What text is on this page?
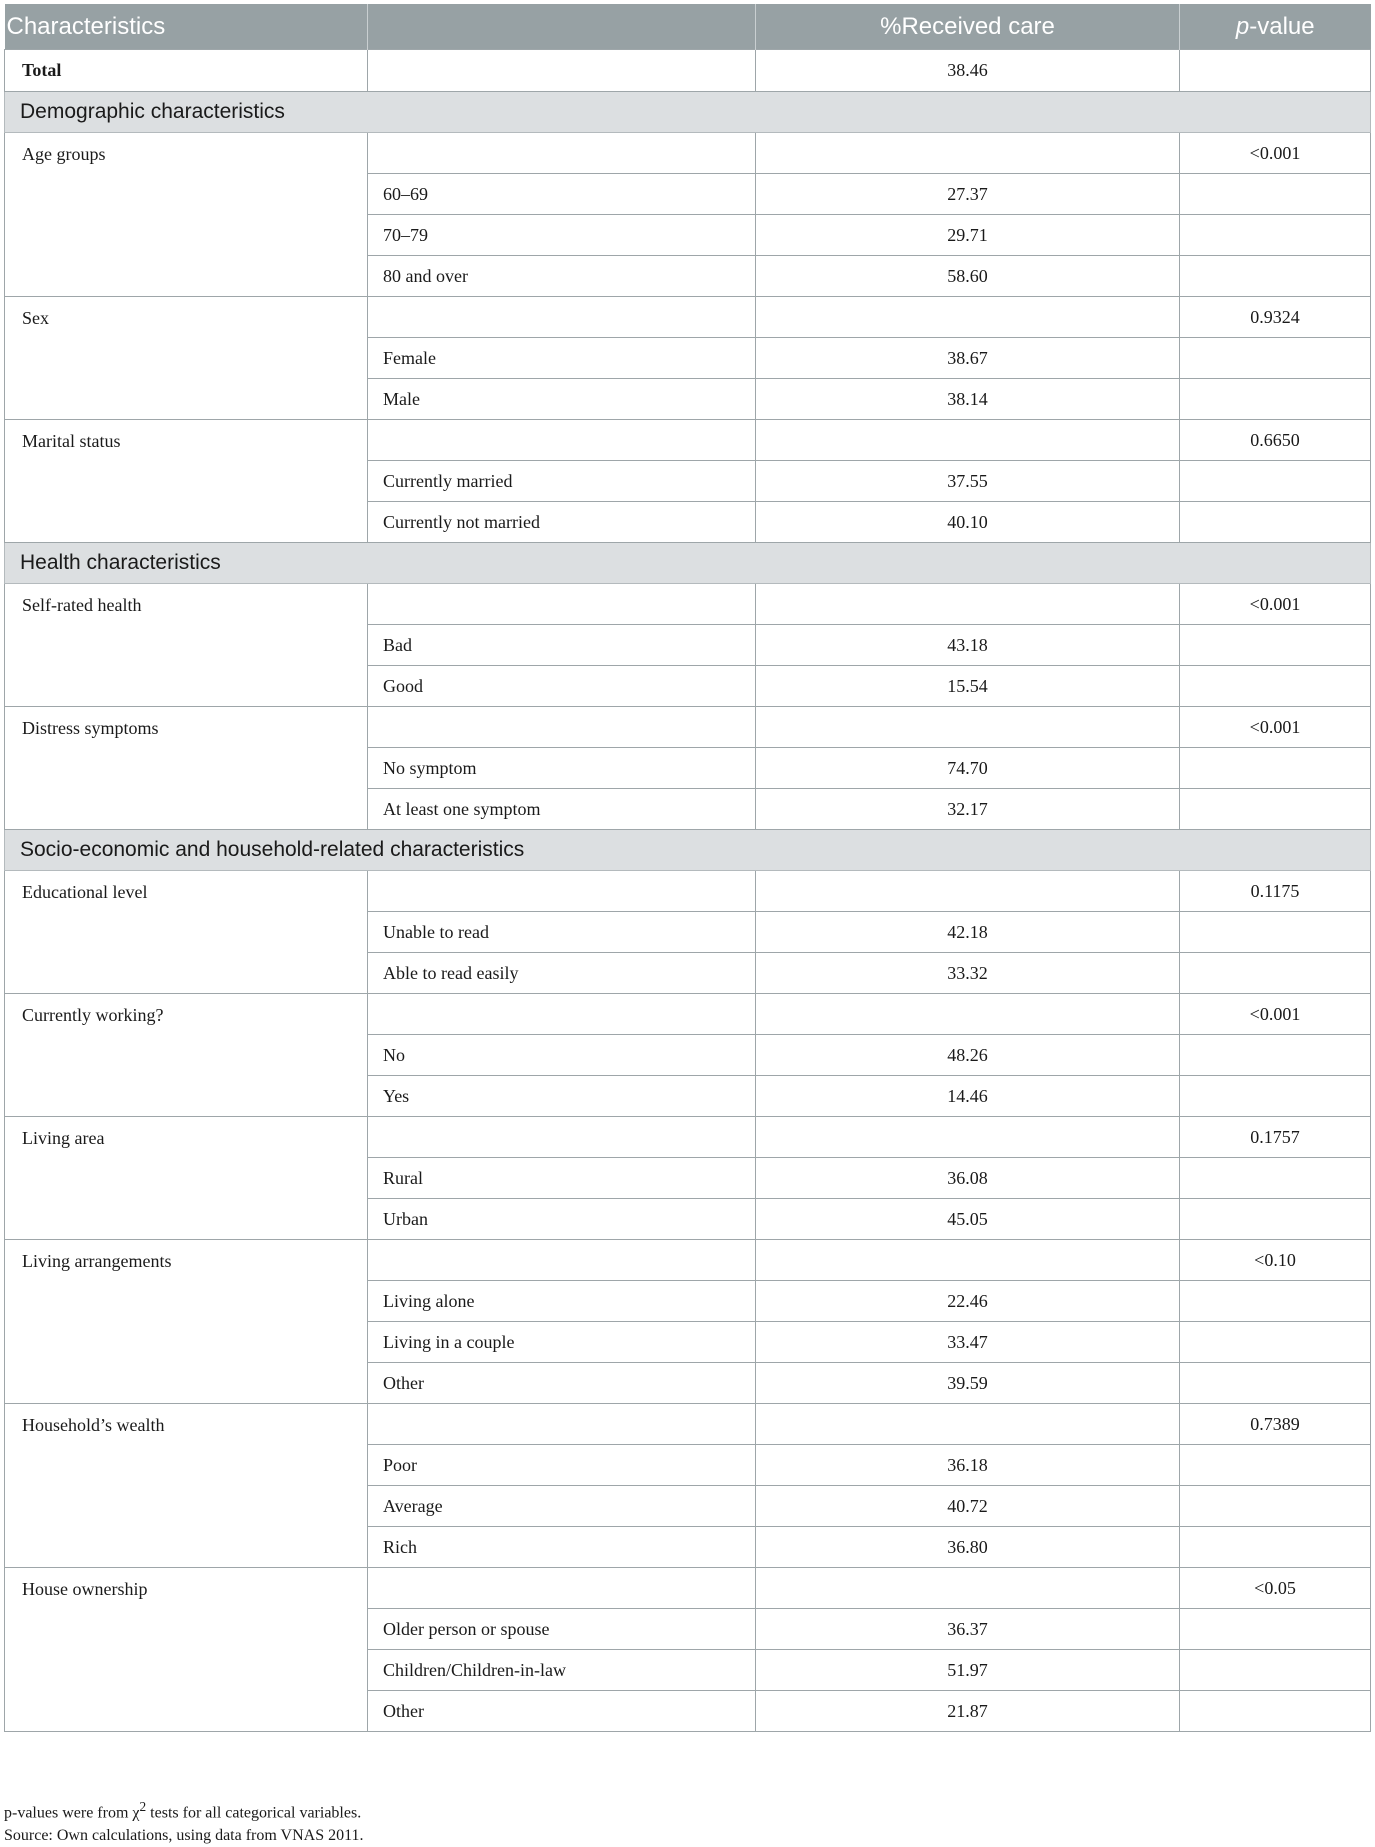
Characteristics		%Received care	p-value
Total		38.46	
Demographic characteristics			
Age groups			<0.001
	60–69	27.37	
	70–79	29.71	
	80 and over	58.60	
Sex			0.9324
	Female	38.67	
	Male	38.14	
Marital status			0.6650
	Currently married	37.55	
	Currently not married	40.10	
Health characteristics			
Self-rated health			<0.001
	Bad	43.18	
	Good	15.54	
Distress symptoms			<0.001
	No symptom	74.70	
	At least one symptom	32.17	
Socio-economic and household-related characteristics			
Educational level			0.1175
	Unable to read	42.18	
	Able to read easily	33.32	
Currently working?			<0.001
	No	48.26	
	Yes	14.46	
Living area			0.1757
	Rural	36.08	
	Urban	45.05	
Living arrangements			<0.10
	Living alone	22.46	
	Living in a couple	33.47	
	Other	39.59	
Household’s wealth			0.7389
	Poor	36.18	
	Average	40.72	
	Rich	36.80	
House ownership			<0.05
	Older person or spouse	36.37	
	Children/Children-in-law	51.97	
	Other	21.87	
p-values were from $\chi^2$ tests for all categorical variables.
Source: Own calculations, using data from VNAS 2011.
